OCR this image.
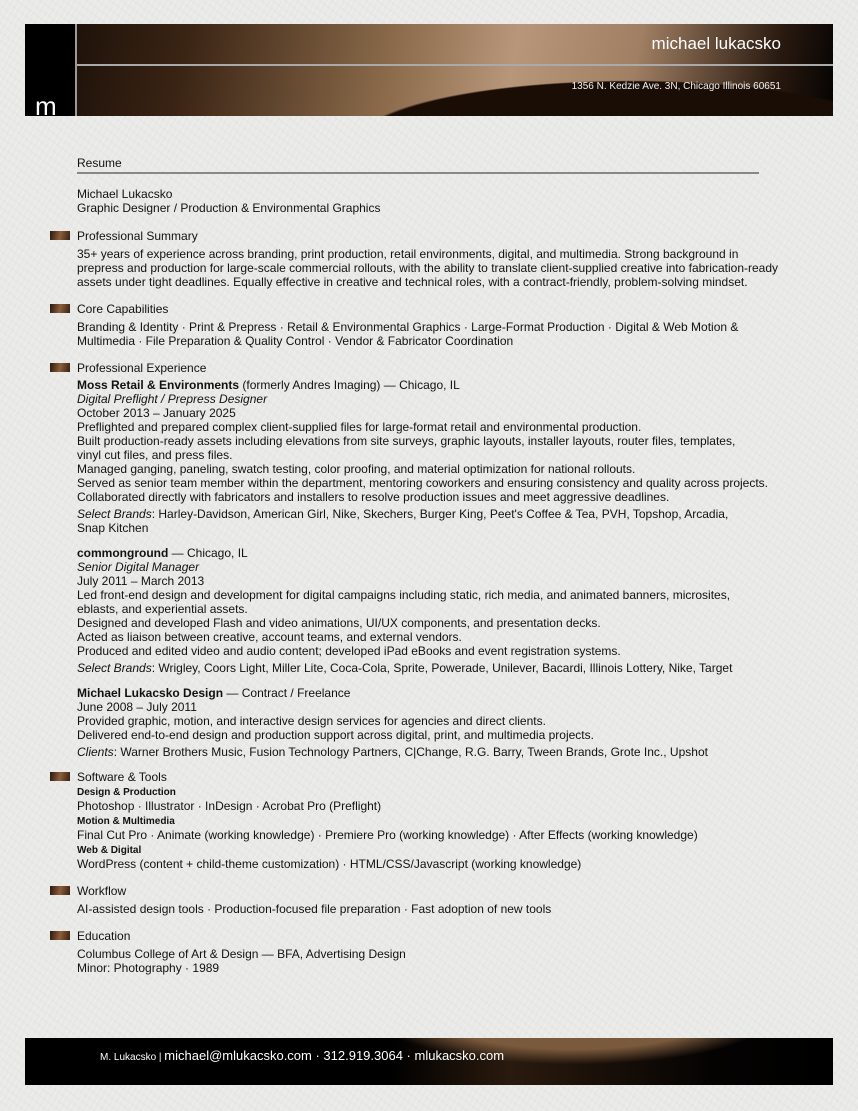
m
michael lukacsko
1356 N. Kedzie Ave. 3N, Chicago Illinois 60651
Resume
Michael Lukacsko
Graphic Designer / Production & Environmental Graphics
Professional Summary
35+ years of experience across branding, print production, retail environments, digital, and multimedia. Strong background in
prepress and production for large-scale commercial rollouts, with the ability to translate client-supplied creative into fabrication-ready
assets under tight deadlines. Equally effective in creative and technical roles, with a contract-friendly, problem-solving mindset.
Core Capabilities
Branding & Identity · Print & Prepress · Retail & Environmental Graphics · Large-Format Production · Digital & Web Motion &
Multimedia · File Preparation & Quality Control · Vendor & Fabricator Coordination
Professional Experience
Moss Retail & Environments (formerly Andres Imaging) — Chicago, IL
Digital Preflight / Prepress Designer
October 2013 – January 2025
Preflighted and prepared complex client-supplied files for large-format retail and environmental production.
Built production-ready assets including elevations from site surveys, graphic layouts, installer layouts, router files, templates,
vinyl cut files, and press files.
Managed ganging, paneling, swatch testing, color proofing, and material optimization for national rollouts.
Served as senior team member within the department, mentoring coworkers and ensuring consistency and quality across projects.
Collaborated directly with fabricators and installers to resolve production issues and meet aggressive deadlines.
Select Brands: Harley-Davidson, American Girl, Nike, Skechers, Burger King, Peet's Coffee & Tea, PVH, Topshop, Arcadia,
Snap Kitchen
commonground — Chicago, IL
Senior Digital Manager
July 2011 – March 2013
Led front-end design and development for digital campaigns including static, rich media, and animated banners, microsites,
eblasts, and experiential assets.
Designed and developed Flash and video animations, UI/UX components, and presentation decks.
Acted as liaison between creative, account teams, and external vendors.
Produced and edited video and audio content; developed iPad eBooks and event registration systems.
Select Brands: Wrigley, Coors Light, Miller Lite, Coca-Cola, Sprite, Powerade, Unilever, Bacardi, Illinois Lottery, Nike, Target
Michael Lukacsko Design — Contract / Freelance
June 2008 – July 2011
Provided graphic, motion, and interactive design services for agencies and direct clients.
Delivered end-to-end design and production support across digital, print, and multimedia projects.
Clients: Warner Brothers Music, Fusion Technology Partners, C|Change, R.G. Barry, Tween Brands, Grote Inc., Upshot
Software & Tools
Design & Production
Photoshop · Illustrator · InDesign · Acrobat Pro (Preflight)
Motion & Multimedia
Final Cut Pro · Animate (working knowledge) · Premiere Pro (working knowledge) · After Effects (working knowledge)
Web & Digital
WordPress (content + child-theme customization) · HTML/CSS/Javascript (working knowledge)
Workflow
AI-assisted design tools · Production-focused file preparation · Fast adoption of new tools
Education
Columbus College of Art & Design — BFA, Advertising Design
Minor: Photography · 1989
M. Lukacsko | michael@mlukacsko.com · 312.919.3064 · mlukacsko.com
